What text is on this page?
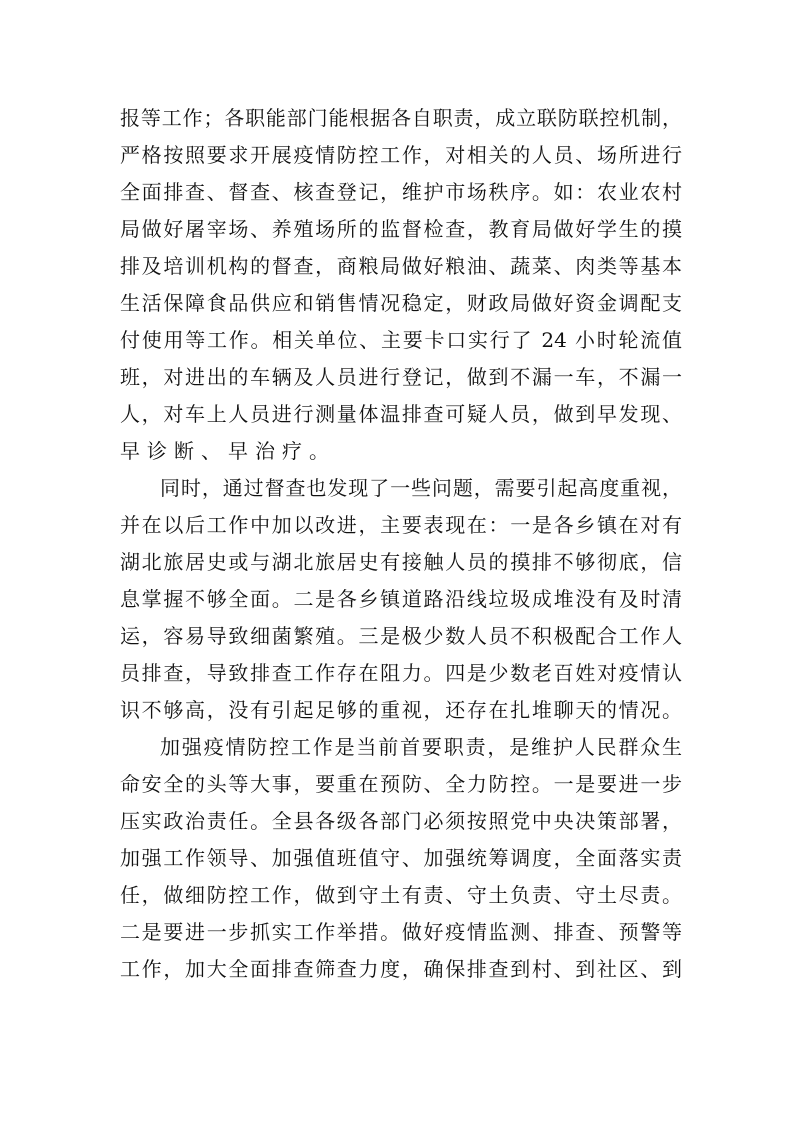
报等工作；各职能部门能根据各自职责，成立联防联控机制，
严格按照要求开展疫情防控工作，对相关的人员、场所进行
全面排查、督查、核查登记，维护市场秩序。如：农业农村
局做好屠宰场、养殖场所的监督检查，教育局做好学生的摸
排及培训机构的督查，商粮局做好粮油、蔬菜、肉类等基本
生活保障食品供应和销售情况稳定，财政局做好资金调配支
付使用等工作。相关单位、主要卡口实行了 24 小时轮流值
班，对进出的车辆及人员进行登记，做到不漏一车，不漏一
人，对车上人员进行测量体温排查可疑人员，做到早发现、
早诊断、早治疗。
同时，通过督查也发现了一些问题，需要引起高度重视，
并在以后工作中加以改进，主要表现在：一是各乡镇在对有
湖北旅居史或与湖北旅居史有接触人员的摸排不够彻底，信
息掌握不够全面。二是各乡镇道路沿线垃圾成堆没有及时清
运，容易导致细菌繁殖。三是极少数人员不积极配合工作人
员排查，导致排查工作存在阻力。四是少数老百姓对疫情认
识不够高，没有引起足够的重视，还存在扎堆聊天的情况。
加强疫情防控工作是当前首要职责，是维护人民群众生
命安全的头等大事，要重在预防、全力防控。一是要进一步
压实政治责任。全县各级各部门必须按照党中央决策部署，
加强工作领导、加强值班值守、加强统筹调度，全面落实责
任，做细防控工作，做到守土有责、守土负责、守土尽责。
二是要进一步抓实工作举措。做好疫情监测、排查、预警等
工作，加大全面排查筛查力度，确保排查到村、到社区、到
